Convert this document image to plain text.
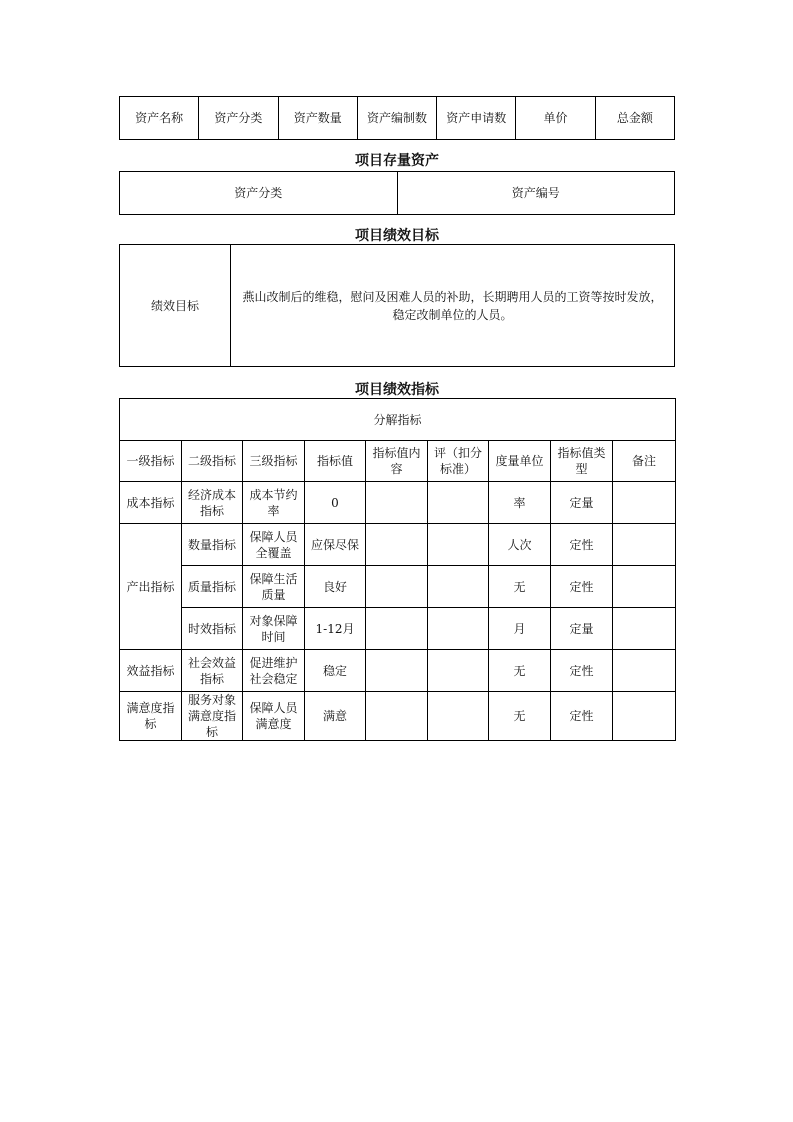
资产名称	资产分类	资产数量	资产编制数	资产申请数	单价	总金额
项目存量资产
资产分类	资产编号
项目绩效目标
绩效目标	燕山改制后的维稳，慰问及困难人员的补助，长期聘用人员的工资等按时发放，稳定改制单位的人员。
项目绩效指标
分解指标								
一级指标	二级指标	三级指标	指标值	指标值内容	评（扣分标准）	度量单位	指标值类型	备注
成本指标	经济成本指标	成本节约率	0			率	定量	
产出指标	数量指标	保障人员全覆盖	应保尽保			人次	定性	
	质量指标	保障生活质量	良好			无	定性	
	时效指标	对象保障时间	1-12月			月	定量	
效益指标	社会效益指标	促进维护社会稳定	稳定			无	定性	
满意度指标	服务对象满意度指标	保障人员满意度	满意			无	定性	
